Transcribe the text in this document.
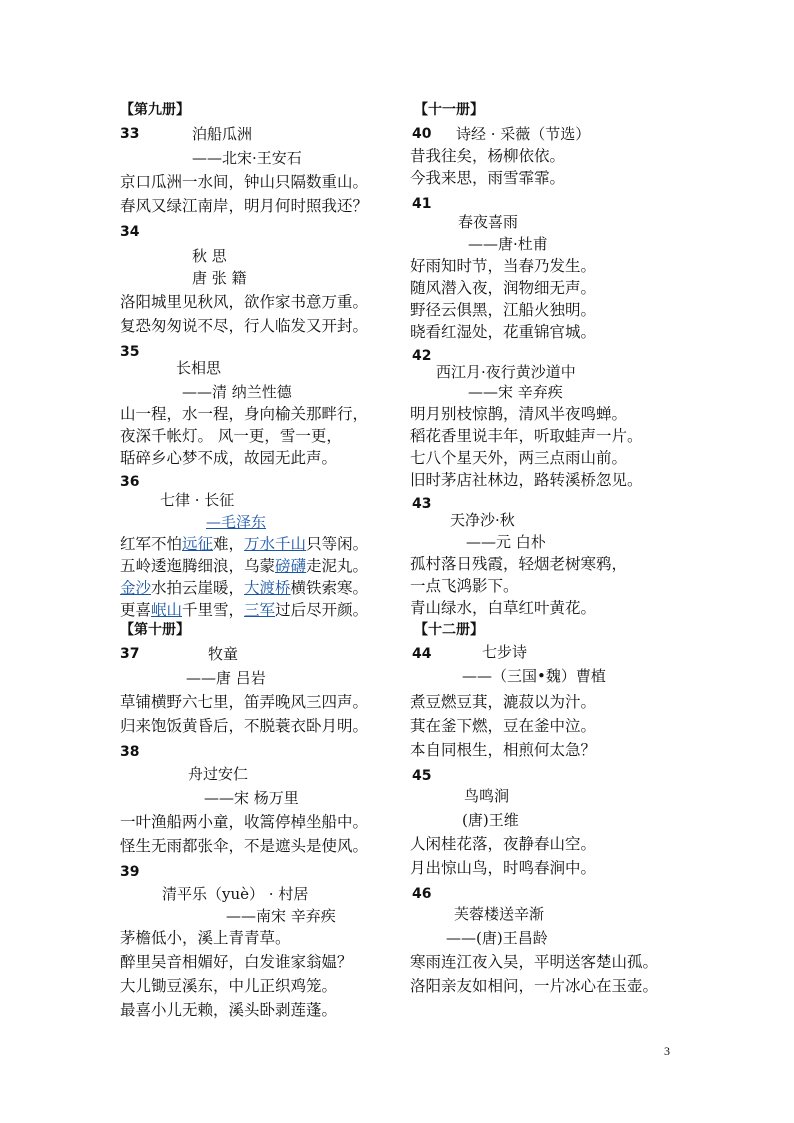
【第九册】
33	泊船瓜洲
——北宋·王安石
京口瓜洲一水间，钟山只隔数重山。
春风又绿江南岸，明月何时照我还？
34
秋 思
唐 张 籍
洛阳城里见秋风，欲作家书意万重。
复恐匆匆说不尽，行人临发又开封。
35
长相思
——清 纳兰性德
山一程，水一程，身向榆关那畔行，
夜深千帐灯。 风一更，雪一更，
聒碎乡心梦不成，故园无此声。
36
七律 · 长征
—毛泽东
红军不怕远征难，万水千山只等闲。
五岭逶迤腾细浪，乌蒙磅礴走泥丸。
金沙水拍云崖暖，大渡桥横铁索寒。
更喜岷山千里雪，三军过后尽开颜。
【第十册】
37	牧童
——唐 吕岩
草铺横野六七里，笛弄晚风三四声。
归来饱饭黄昏后，不脱蓑衣卧月明。
38
舟过安仁
——宋 杨万里
一叶渔船两小童，收篙停棹坐船中。
怪生无雨都张伞，不是遮头是使风。
39
清平乐（yuè） · 村居
——南宋 辛弃疾
茅檐低小，溪上青青草。
醉里吴音相媚好，白发谁家翁媪？
大儿锄豆溪东，中儿正织鸡笼。
最喜小儿无赖，溪头卧剥莲蓬。
【十一册】
40 诗经 · 采薇（节选）
昔我往矣，杨柳依依。
今我来思，雨雪霏霏。
41
春夜喜雨
——唐·杜甫
好雨知时节，当春乃发生。
随风潜入夜，润物细无声。
野径云俱黑，江船火独明。
晓看红湿处，花重锦官城。
42
西江月·夜行黄沙道中
——宋 辛弃疾
明月别枝惊鹊，清风半夜鸣蝉。
稻花香里说丰年，听取蛙声一片。
七八个星天外，两三点雨山前。
旧时茅店社林边，路转溪桥忽见。
43
天净沙·秋
——元 白朴
孤村落日残霞，轻烟老树寒鸦，
一点飞鸿影下。
青山绿水，白草红叶黄花。
【十二册】
44	七步诗
——（三国•魏）曹植
煮豆燃豆萁，漉菽以为汁。
萁在釜下燃，豆在釜中泣。
本自同根生，相煎何太急？
45
鸟鸣涧
(唐)王维
人闲桂花落，夜静春山空。
月出惊山鸟，时鸣春涧中。
46
芙蓉楼送辛渐
——(唐)王昌龄
寒雨连江夜入吴，平明送客楚山孤。
洛阳亲友如相问，一片冰心在玉壶。
3
